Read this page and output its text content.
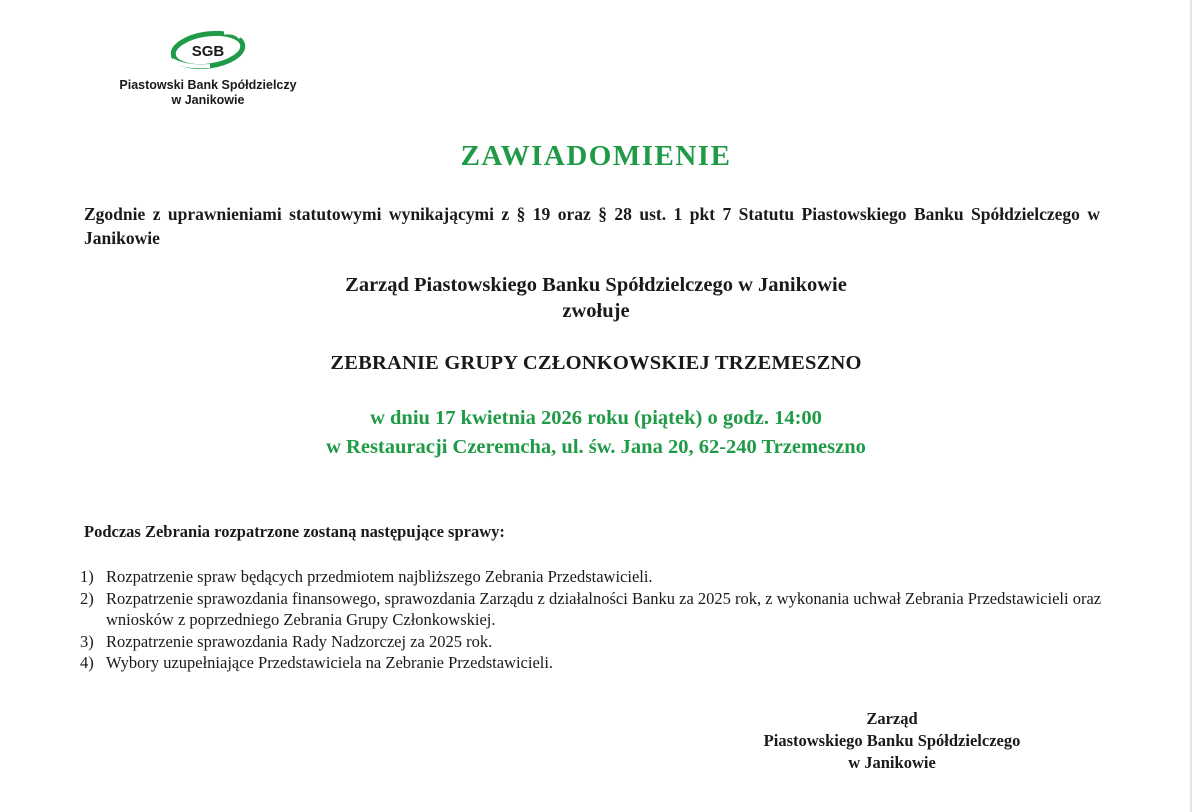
SGB
Piastowski Bank Spółdzielczy
w Janikowie
ZAWIADOMIENIE
Zgodnie z uprawnieniami statutowymi wynikającymi z § 19 oraz § 28 ust. 1 pkt 7 Statutu Piastowskiego Banku Spółdzielczego w Janikowie
Zarząd Piastowskiego Banku Spółdzielczego w Janikowie
zwołuje
ZEBRANIE GRUPY CZŁONKOWSKIEJ TRZEMESZNO
w dniu 17 kwietnia 2026 roku (piątek) o godz. 14:00
w Restauracji Czeremcha, ul. św. Jana 20, 62-240 Trzemeszno
Podczas Zebrania rozpatrzone zostaną następujące sprawy:
1) Rozpatrzenie spraw będących przedmiotem najbliższego Zebrania Przedstawicieli.
2) Rozpatrzenie sprawozdania finansowego, sprawozdania Zarządu z działalności Banku za 2025 rok, z wykonania uchwał Zebrania Przedstawicieli oraz wniosków z poprzedniego Zebrania Grupy Członkowskiej.
3) Rozpatrzenie sprawozdania Rady Nadzorczej za 2025 rok.
4) Wybory uzupełniające Przedstawiciela na Zebranie Przedstawicieli.
Zarząd
Piastowskiego Banku Spółdzielczego
w Janikowie
